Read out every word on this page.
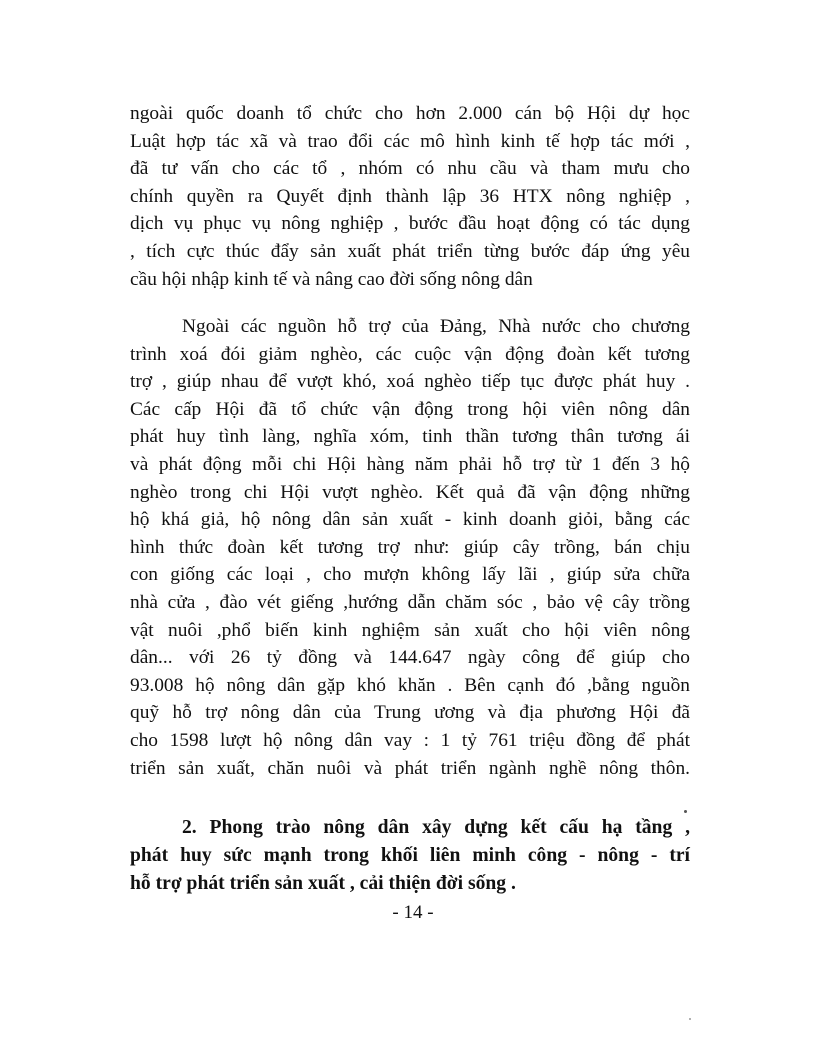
ngoài quốc doanh tổ chức cho hơn 2.000 cán bộ Hội dự học
Luật hợp tác xã và trao đổi các mô hình kinh tế hợp tác mới ,
đã tư vấn cho các tổ , nhóm có nhu cầu và tham mưu cho
chính quyền ra Quyết định thành lập 36 HTX nông nghiệp ,
dịch vụ phục vụ nông nghiệp , bước đầu hoạt động có tác dụng
, tích cực thúc đẩy sản xuất phát triển từng bước đáp ứng yêu
cầu hội nhập kinh tế và nâng cao đời sống nông dân
Ngoài các nguồn hỗ trợ của Đảng, Nhà nước cho chương
trình xoá đói giảm nghèo, các cuộc vận động đoàn kết tương
trợ , giúp nhau để vượt khó, xoá nghèo tiếp tục được phát huy .
Các cấp Hội đã tổ chức vận động trong hội viên nông dân
phát huy tình làng, nghĩa xóm, tinh thần tương thân tương ái
và phát động mỗi chi Hội hàng năm phải hỗ trợ từ 1 đến 3 hộ
nghèo trong chi Hội vượt nghèo. Kết quả đã vận động những
hộ khá giả, hộ nông dân sản xuất - kinh doanh giỏi, bằng các
hình thức đoàn kết tương trợ như: giúp cây trồng, bán chịu
con giống các loại , cho mượn không lấy lãi , giúp sửa chữa
nhà cửa , đào vét giếng ,hướng dẫn chăm sóc , bảo vệ cây trồng
vật nuôi ,phổ biến kinh nghiệm sản xuất cho hội viên nông
dân... với 26 tỷ đồng và 144.647 ngày công để giúp cho
93.008 hộ nông dân gặp khó khăn . Bên cạnh đó ,bằng nguồn
quỹ hỗ trợ nông dân của Trung ương và địa phương Hội đã
cho 1598 lượt hộ nông dân vay : 1 tỷ 761 triệu đồng để phát
triển sản xuất, chăn nuôi và phát triển ngành nghề nông thôn.
2. Phong trào nông dân xây dựng kết cấu hạ tầng ,
phát huy sức mạnh trong khối liên minh công - nông - trí
hỗ trợ phát triển sản xuất , cải thiện đời sống .
- 14 -
